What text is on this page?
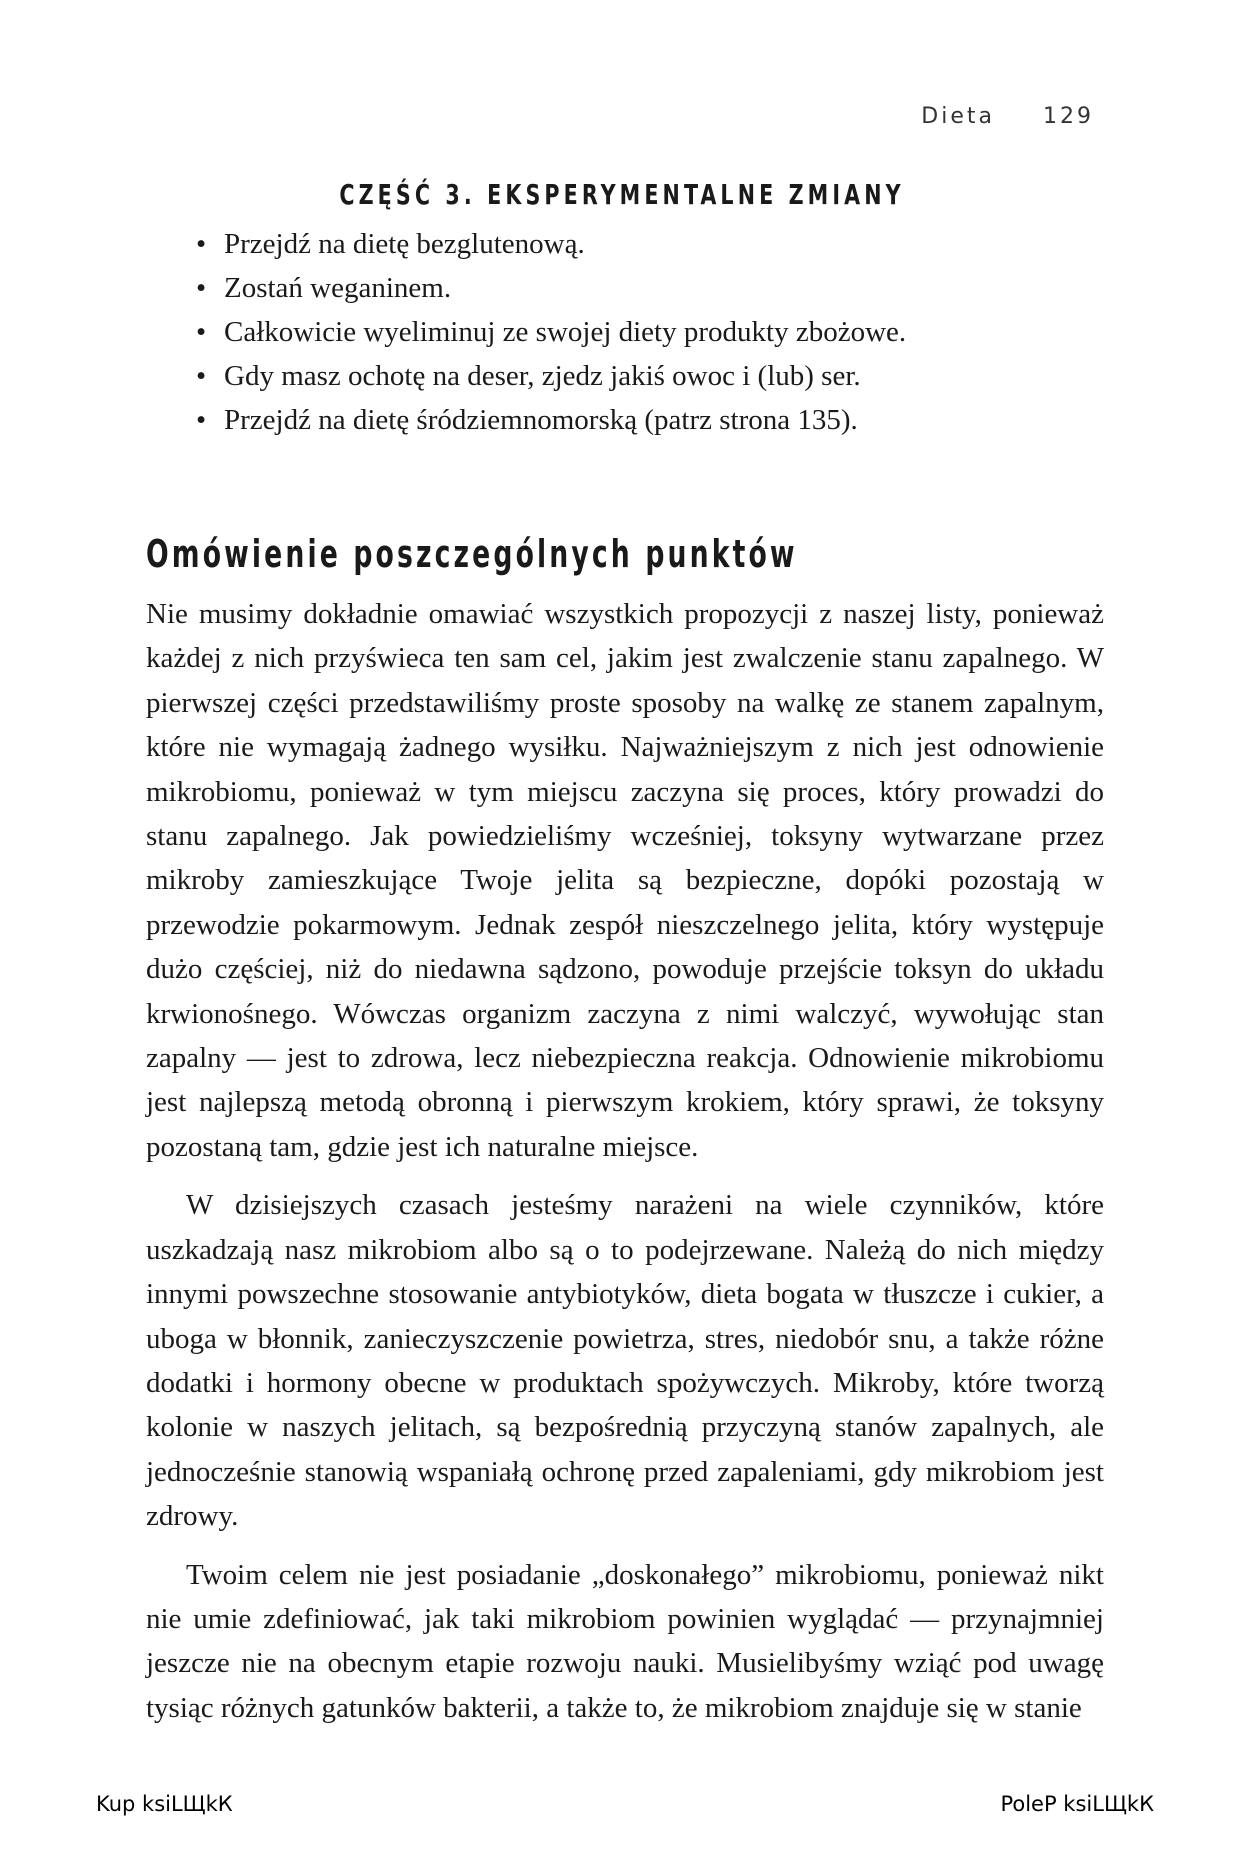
Dieta 129
CZĘŚĆ 3. EKSPERYMENTALNE ZMIANY
• Przejdź na dietę bezglutenową.
• Zostań weganinem.
• Całkowicie wyeliminuj ze swojej diety produkty zbożowe.
• Gdy masz ochotę na deser, zjedz jakiś owoc i (lub) ser.
• Przejdź na dietę śródziemnomorską (patrz strona 135).
Omówienie poszczególnych punktów

Nie musimy dokładnie omawiać wszystkich propozycji z naszej listy, ponieważ każdej z nich przyświeca ten sam cel, jakim jest zwalczenie stanu zapalnego. W pierwszej części przedstawiliśmy proste sposoby na walkę ze stanem zapalnym, które nie wymagają żadnego wysiłku. Najważniejszym z nich jest odnowienie mikrobiomu, ponieważ w tym miejscu zaczyna się proces, który prowadzi do stanu zapalnego. Jak powiedzieliśmy wcześniej, toksyny wytwarzane przez mikroby zamieszkujące Twoje jelita są bezpieczne, dopóki pozostają w przewodzie pokarmowym. Jednak zespół nieszczelnego jelita, który występuje dużo częściej, niż do niedawna sądzono, powoduje przejście toksyn do układu krwionośnego. Wówczas organizm zaczyna z nimi walczyć, wywołując stan zapalny — jest to zdrowa, lecz niebezpieczna reakcja. Odnowienie mikrobiomu jest najlepszą metodą obronną i pierwszym krokiem, który sprawi, że toksyny pozostaną tam, gdzie jest ich naturalne miejsce.

W dzisiejszych czasach jesteśmy narażeni na wiele czynników, które uszkadzają nasz mikrobiom albo są o to podejrzewane. Należą do nich między innymi powszechne stosowanie antybiotyków, dieta bogata w tłuszcze i cukier, a uboga w błonnik, zanieczyszczenie powietrza, stres, niedobór snu, a także różne dodatki i hormony obecne w produktach spożywczych. Mikroby, które tworzą kolonie w naszych jelitach, są bezpośrednią przyczyną stanów zapalnych, ale jednocześnie stanowią wspaniałą ochronę przed zapaleniami, gdy mikrobiom jest zdrowy.

Twoim celem nie jest posiadanie „doskonałego” mikrobiomu, ponieważ nikt nie umie zdefiniować, jak taki mikrobiom powinien wyglądać — przynajmniej jeszcze nie na obecnym etapie rozwoju nauki. Musielibyśmy wziąć pod uwagę tysiąc różnych gatunków bakterii, a także to, że mikrobiom znajduje się w stanie

Kup ksiLЩkК	PoleР ksiLЩkК
